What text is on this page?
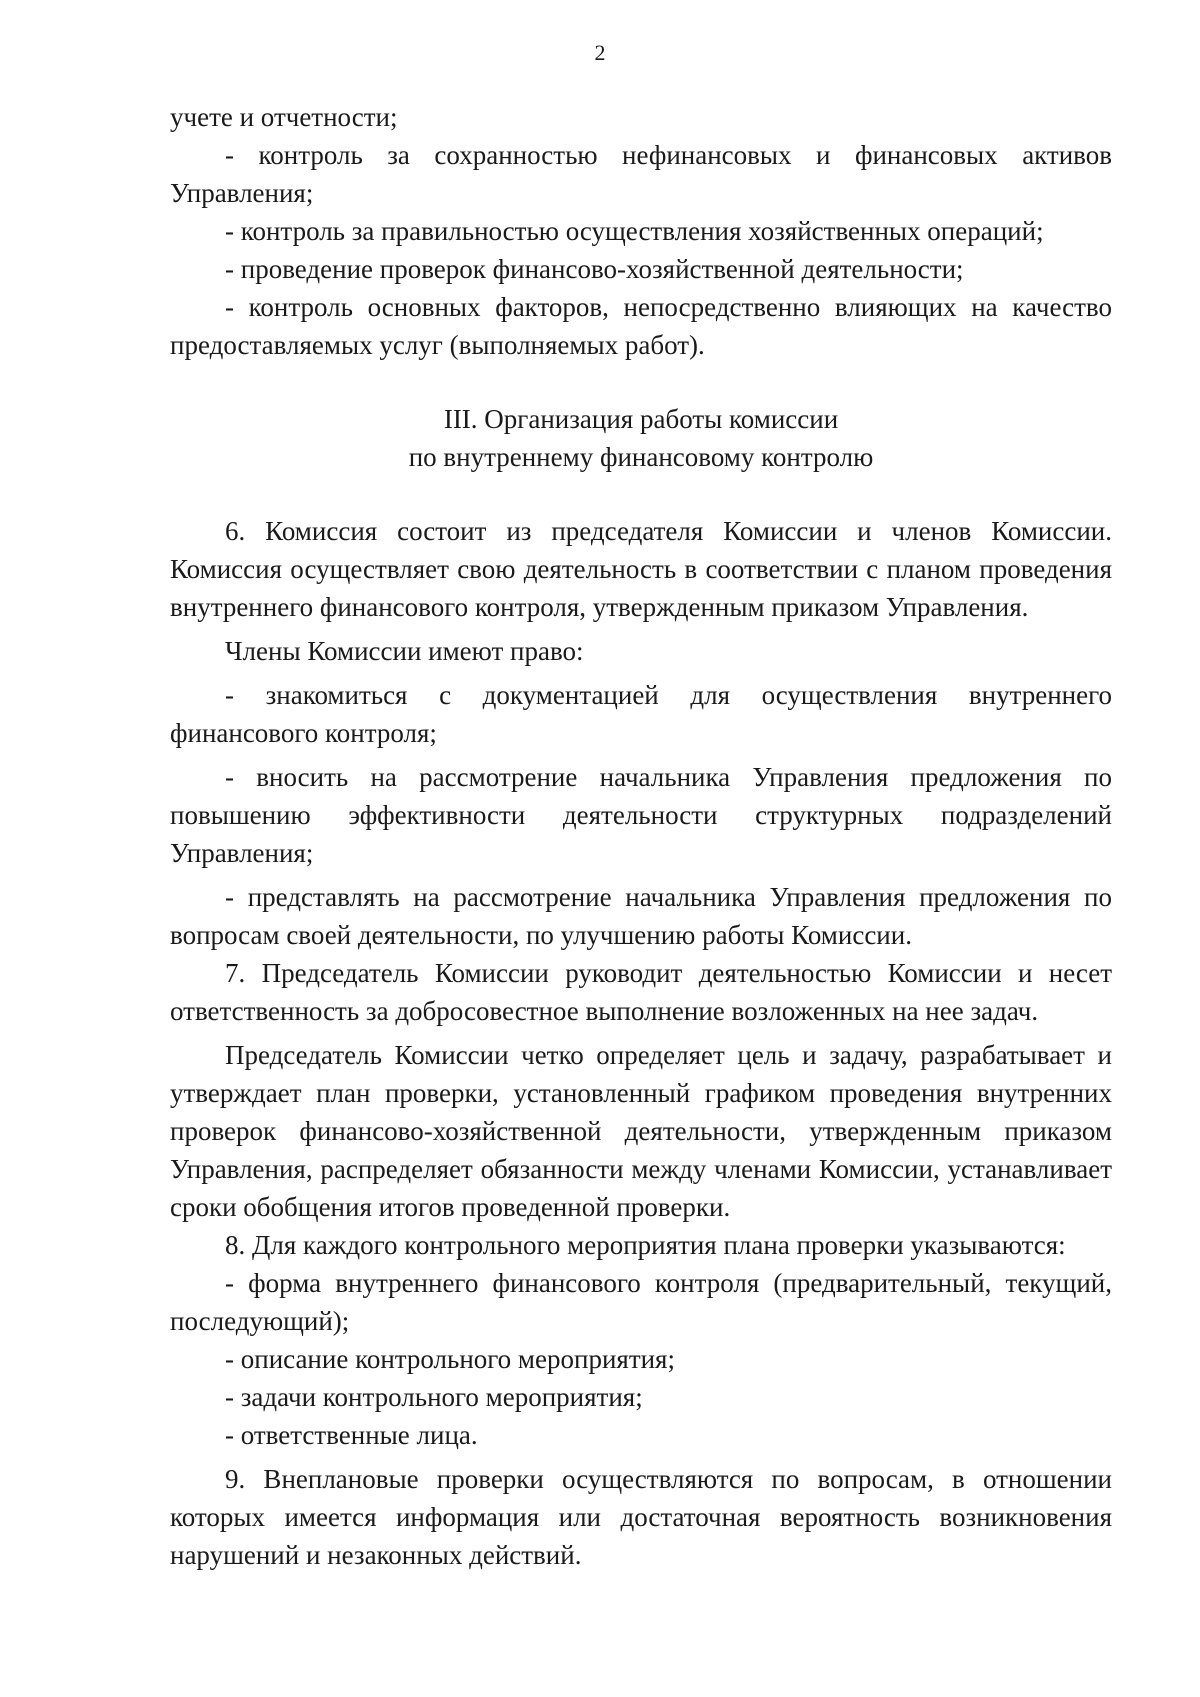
2

учете и отчетности;

- контроль за сохранностью нефинансовых и финансовых активов Управления;

- контроль за правильностью осуществления хозяйственных операций;

- проведение проверок финансово-хозяйственной деятельности;

- контроль основных факторов, непосредственно влияющих на качество предоставляемых услуг (выполняемых работ).

III. Организация работы комиссии
по внутреннему финансовому контролю

6. Комиссия состоит из председателя Комиссии и членов Комиссии. Комиссия осуществляет свою деятельность в соответствии с планом проведения внутреннего финансового контроля, утвержденным приказом Управления.

Члены Комиссии имеют право:

- знакомиться с документацией для осуществления внутреннего финансового контроля;

- вносить на рассмотрение начальника Управления предложения по повышению эффективности деятельности структурных подразделений Управления;

- представлять на рассмотрение начальника Управления предложения по вопросам своей деятельности, по улучшению работы Комиссии.

7. Председатель Комиссии руководит деятельностью Комиссии и несет ответственность за добросовестное выполнение возложенных на нее задач.

Председатель Комиссии четко определяет цель и задачу, разрабатывает и утверждает план проверки, установленный графиком проведения внутренних проверок финансово-хозяйственной деятельности, утвержденным приказом Управления, распределяет обязанности между членами Комиссии, устанавливает сроки обобщения итогов проведенной проверки.

8. Для каждого контрольного мероприятия плана проверки указываются:

- форма внутреннего финансового контроля (предварительный, текущий, последующий);

- описание контрольного мероприятия;

- задачи контрольного мероприятия;

- ответственные лица.

9. Внеплановые проверки осуществляются по вопросам, в отношении которых имеется информация или достаточная вероятность возникновения нарушений и незаконных действий.
